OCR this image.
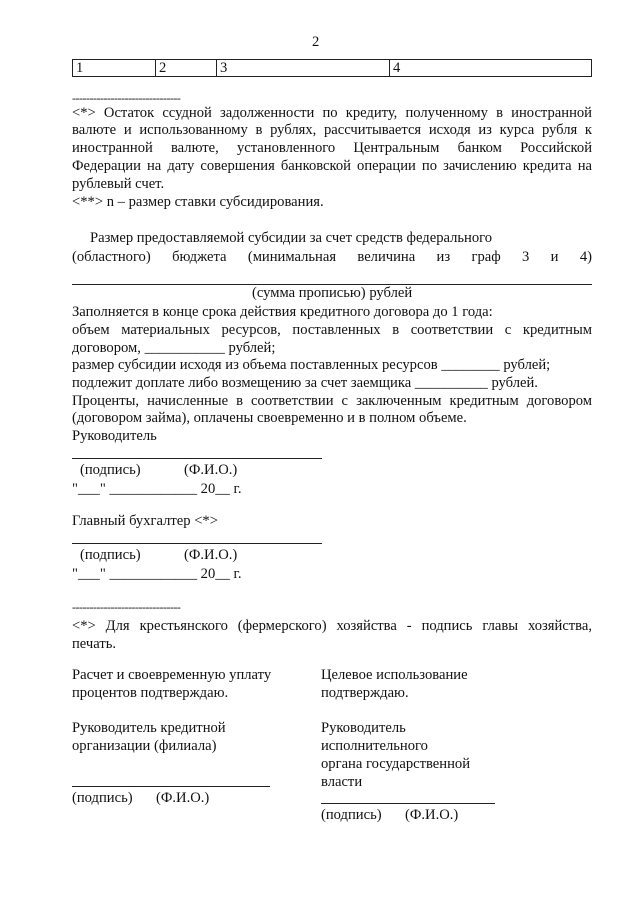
2
1	2	3	4
-------------------------------
<*> Остаток ссудной задолженности по кредиту, полученному в иностранной
валюте и использованному в рублях, рассчитывается исходя из курса рубля к
иностранной валюте, установленного Центральным банком Российской
Федерации на дату совершения банковской операции по зачислению кредита на
рублевый счет.
<**> n – размер ставки субсидирования.
Размер предоставляемой субсидии за счет средств федерального
(областного) бюджета (минимальная величина из граф 3 и 4)
(сумма прописью) рублей
Заполняется в конце срока действия кредитного договора до 1 года:
объем материальных ресурсов, поставленных в соответствии с кредитным
договором, ___________ рублей;
размер субсидии исходя из объема поставленных ресурсов ________ рублей;
подлежит доплате либо возмещению за счет заемщика __________ рублей.
Проценты, начисленные в соответствии с заключенным кредитным договором
(договором займа), оплачены своевременно и в полном объеме.
Руководитель
(подпись)	(Ф.И.О.)
"___" ____________ 20__ г.
Главный бухгалтер <*>
(подпись)	(Ф.И.О.)
"___" ____________ 20__ г.
-------------------------------
<*> Для крестьянского (фермерского) хозяйства - подпись главы хозяйства,
печать.
Расчет и своевременную уплату
процентов подтверждаю.
Руководитель кредитной
организации (филиала)
(подпись) (Ф.И.О.)
Целевое использование
подтверждаю.
Руководитель
исполнительного
органа государственной
власти
(подпись) (Ф.И.О.)
